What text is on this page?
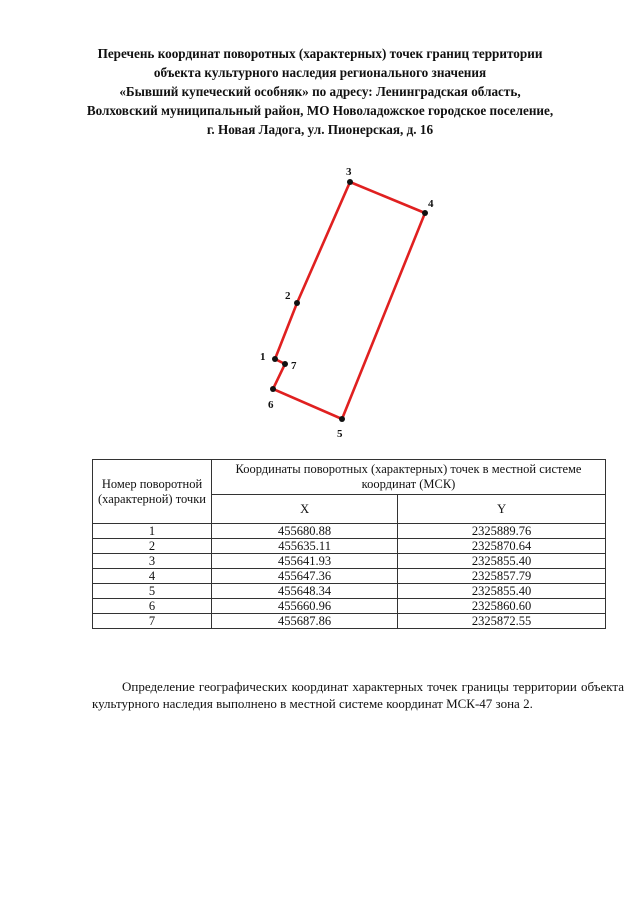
Перечень координат поворотных (характерных) точек границ территории
объекта культурного наследия регионального значения
«Бывший купеческий особняк» по адресу: Ленинградская область,
Волховский муниципальный район, МО Новоладожское городское поселение,
г. Новая Ладога, ул. Пионерская, д. 16
1
2
3
4
5
6
7
Номер поворотной (характерной) точки	Координаты поворотных (характерных) точек в местной системе координат (МСК)	
	X	Y
1	455680.88	2325889.76
2	455635.11	2325870.64
3	455641.93	2325855.40
4	455647.36	2325857.79
5	455648.34	2325855.40
6	455660.96	2325860.60
7	455687.86	2325872.55

Определение географических координат характерных точек границы территории объекта культурного наследия выполнено в местной системе координат МСК-47 зона 2.
